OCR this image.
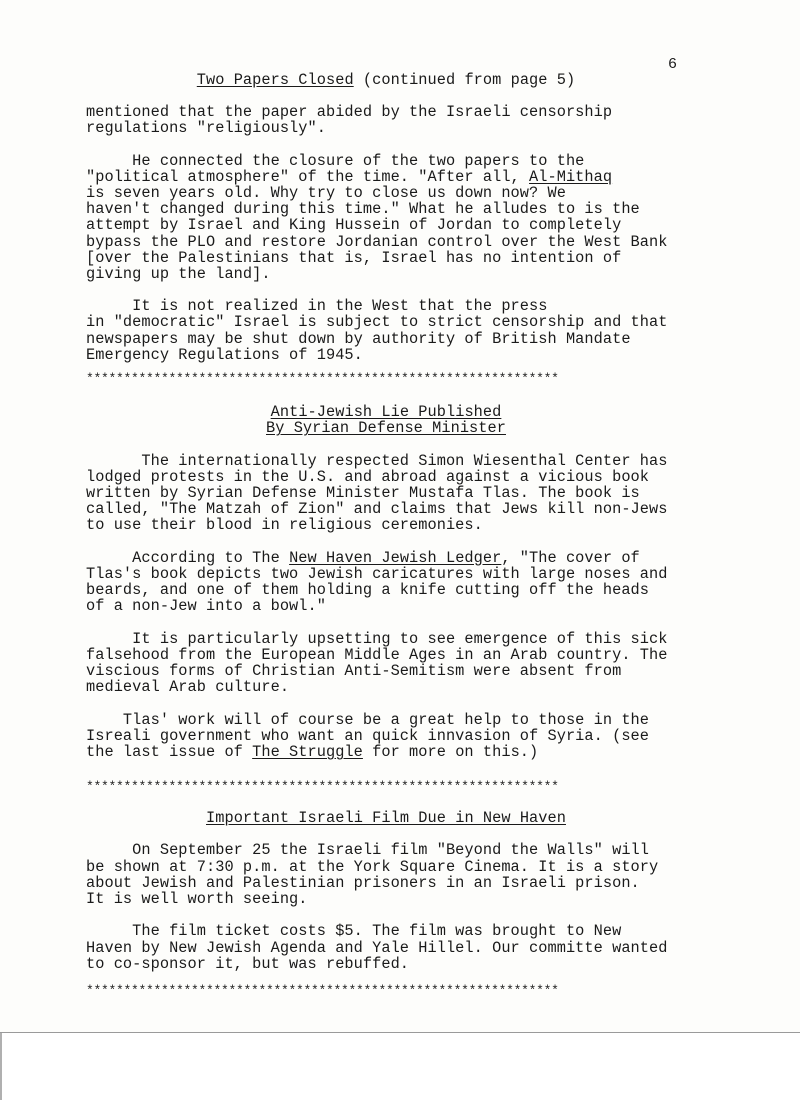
6
Two Papers Closed (continued from page 5)
mentioned that the paper abided by the Israeli censorship
regulations "religiously".
He connected the closure of the two papers to the
"political atmosphere" of the time. "After all, Al-Mithaq
is seven years old. Why try to close us down now? We
haven't changed during this time." What he alludes to is the
attempt by Israel and King Hussein of Jordan to completely
bypass the PLO and restore Jordanian control over the West Bank
[over the Palestinians that is, Israel has no intention of
giving up the land].
It is not realized in the West that the press
in "democratic" Israel is subject to strict censorship and that
newspapers may be shut down by authority of British Mandate
Emergency Regulations of 1945.
***************************************************************
Anti-Jewish Lie Published
By Syrian Defense Minister
The internationally respected Simon Wiesenthal Center has
lodged protests in the U.S. and abroad against a vicious book
written by Syrian Defense Minister Mustafa Tlas. The book is
called, "The Matzah of Zion" and claims that Jews kill non-Jews
to use their blood in religious ceremonies.
According to The New Haven Jewish Ledger, "The cover of
Tlas's book depicts two Jewish caricatures with large noses and
beards, and one of them holding a knife cutting off the heads
of a non-Jew into a bowl."
It is particularly upsetting to see emergence of this sick
falsehood from the European Middle Ages in an Arab country. The
viscious forms of Christian Anti-Semitism were absent from
medieval Arab culture.
Tlas' work will of course be a great help to those in the
Isreali government who want an quick innvasion of Syria. (see
the last issue of The Struggle for more on this.)
***************************************************************
Important Israeli Film Due in New Haven
On September 25 the Israeli film "Beyond the Walls" will
be shown at 7:30 p.m. at the York Square Cinema. It is a story
about Jewish and Palestinian prisoners in an Israeli prison.
It is well worth seeing.
The film ticket costs $5. The film was brought to New
Haven by New Jewish Agenda and Yale Hillel. Our committe wanted
to co-sponsor it, but was rebuffed.
***************************************************************
